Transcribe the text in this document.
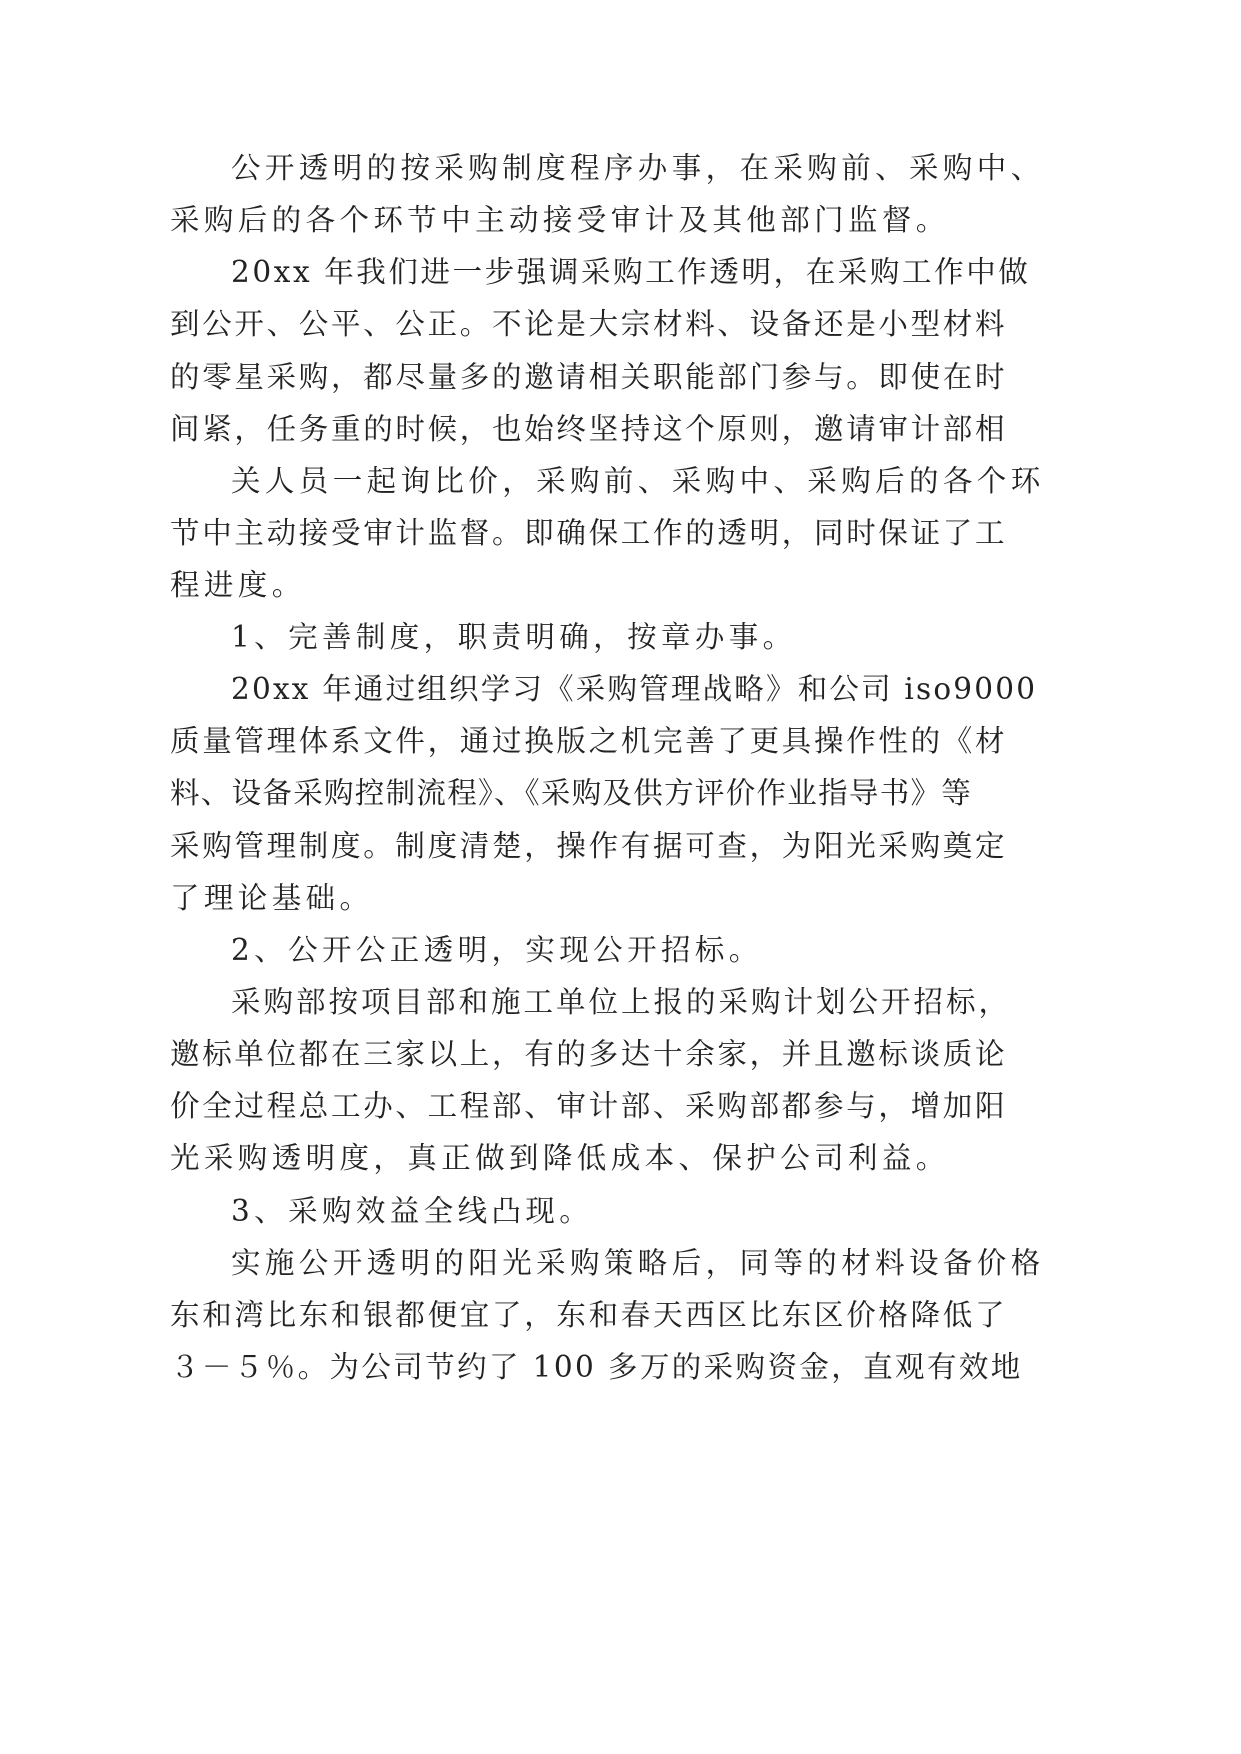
公开透明的按采购制度程序办事，在采购前、采购中、

采购后的各个环节中主动接受审计及其他部门监督。

20xx 年我们进一步强调采购工作透明，在采购工作中做

到公开、公平、公正。不论是大宗材料、设备还是小型材料

的零星采购，都尽量多的邀请相关职能部门参与。即使在时

间紧，任务重的时候，也始终坚持这个原则，邀请审计部相

关人员一起询比价，采购前、采购中、采购后的各个环

节中主动接受审计监督。即确保工作的透明，同时保证了工

程进度。

1、完善制度，职责明确，按章办事。

20xx 年通过组织学习《采购管理战略》和公司 iso9000

质量管理体系文件，通过换版之机完善了更具操作性的《材

料、设备采购控制流程》、《采购及供方评价作业指导书》等

采购管理制度。制度清楚，操作有据可查，为阳光采购奠定

了理论基础。

2、公开公正透明，实现公开招标。

采购部按项目部和施工单位上报的采购计划公开招标，

邀标单位都在三家以上，有的多达十余家，并且邀标谈质论

价全过程总工办、工程部、审计部、采购部都参与，增加阳

光采购透明度，真正做到降低成本、保护公司利益。

3、采购效益全线凸现。

实施公开透明的阳光采购策略后，同等的材料设备价格

东和湾比东和银都便宜了，东和春天西区比东区价格降低了

３－５％。为公司节约了 100 多万的采购资金，直观有效地
